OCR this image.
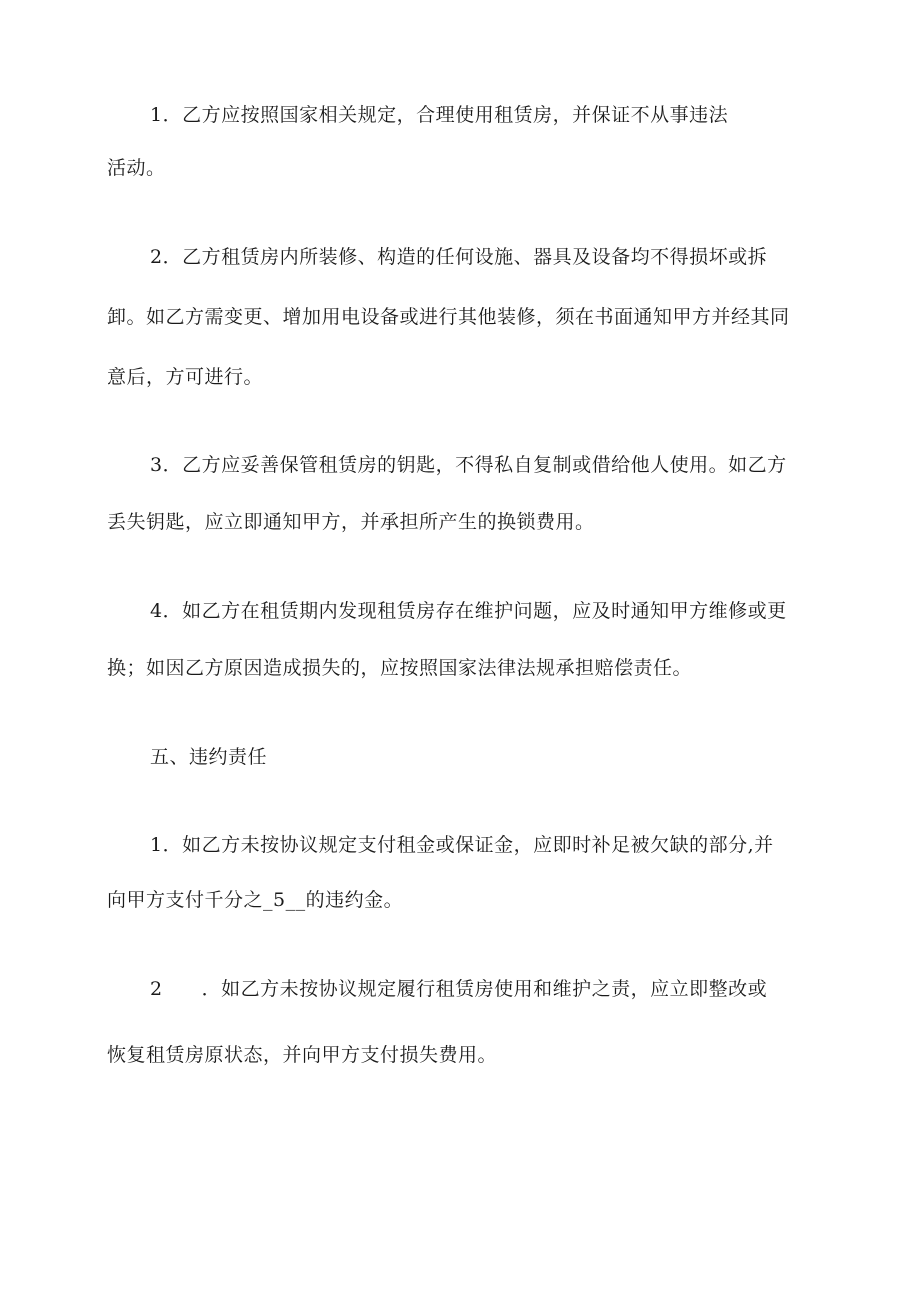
1．乙方应按照国家相关规定，合理使用租赁房，并保证不从事违法
活动。
2．乙方租赁房内所装修、构造的任何设施、器具及设备均不得损坏或拆
卸。如乙方需变更、增加用电设备或进行其他装修，须在书面通知甲方并经其同
意后，方可进行。
3．乙方应妥善保管租赁房的钥匙，不得私自复制或借给他人使用。如乙方
丢失钥匙，应立即通知甲方，并承担所产生的换锁费用。
4．如乙方在租赁期内发现租赁房存在维护问题，应及时通知甲方维修或更
换；如因乙方原因造成损失的，应按照国家法律法规承担赔偿责任。
五、违约责任
1．如乙方未按协议规定支付租金或保证金，应即时补足被欠缺的部分,并
向甲方支付千分之_5__的违约金。
2　　．如乙方未按协议规定履行租赁房使用和维护之责，应立即整改或
恢复租赁房原状态，并向甲方支付损失费用。
